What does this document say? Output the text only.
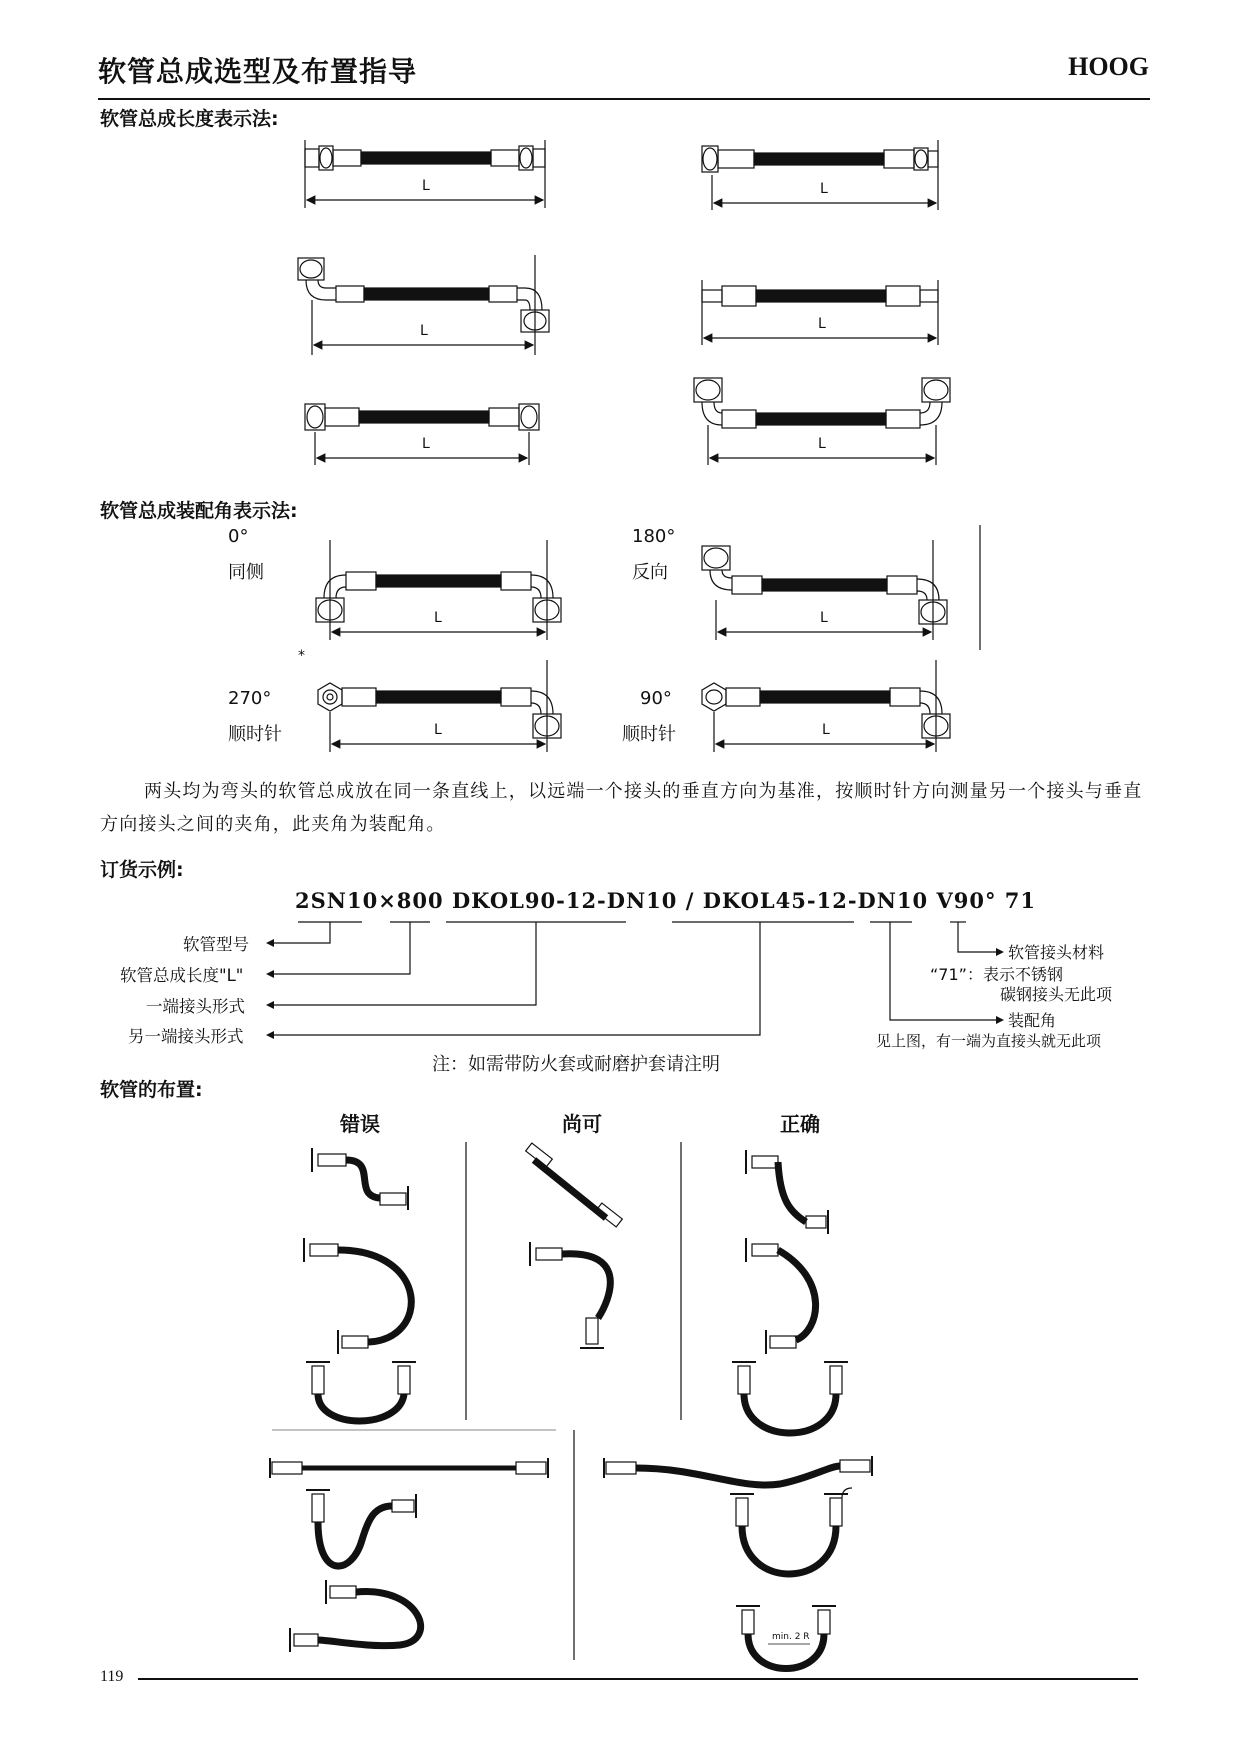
软管总成选型及布置指导	HOOG
软管总成长度表示法:
软管总成装配角表示法:
订货示例:
软管的布置:
L	L
L	L
L	L
L	L
L	L
0°
同侧
180°
反向
*
270°
顺时针
90°
顺时针
两头均为弯头的软管总成放在同一条直线上，以远端一个接头的垂直方向为基准，按顺时针方向测量另一个接头与垂直方向接头之间的夹角，此夹角为装配角。
2SN10×800 DKOL90-12-DN10 / DKOL45-12-DN10 V90° 71
软管型号
软管总成长度"L"
一端接头形式
另一端接头形式
软管接头材料
“71”：表示不锈钢
碳钢接头无此项
装配角
见上图，有一端为直接头就无此项
注：如需带防火套或耐磨护套请注明
错误	尚可	正确
min. 2 R
119
